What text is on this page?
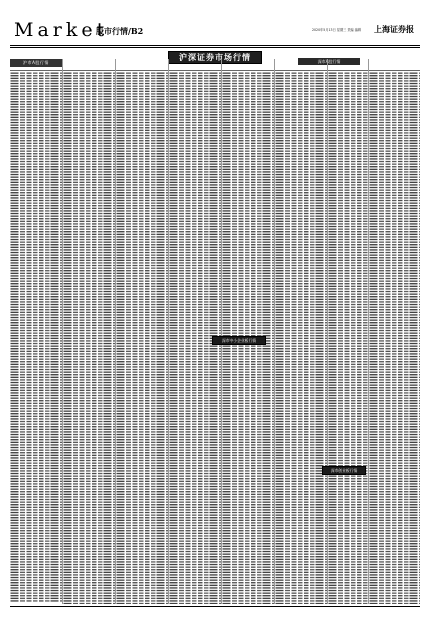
Market
股市行情/B2	2020年5月13日 星期三 责编 编辑 上海证券报
沪深证券市场行情	深市A股行情
沪市A股行情
深市中小企业板行情
深市创业板行情
